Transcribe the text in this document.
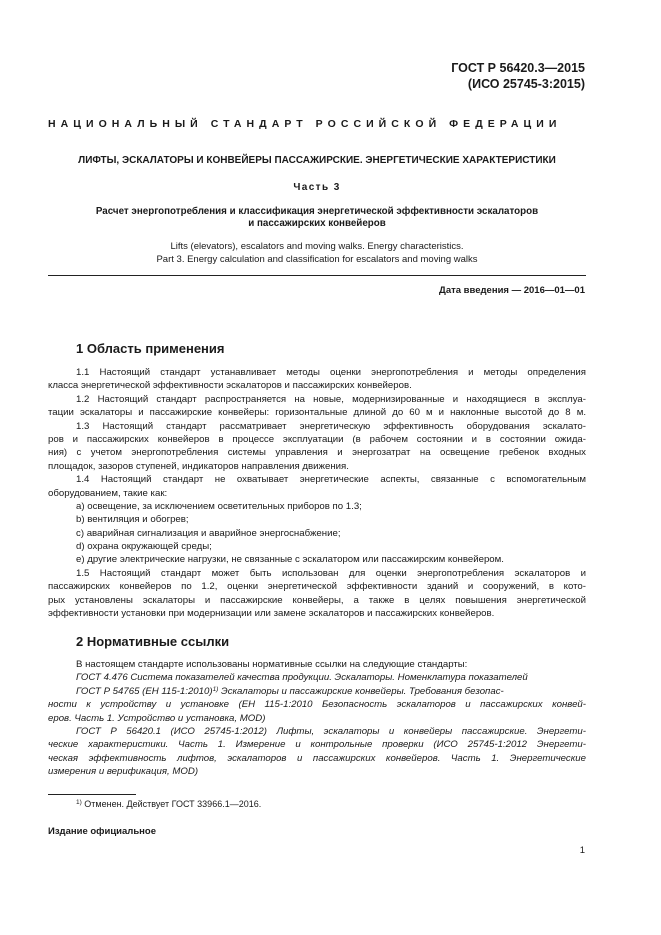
ГОСТ Р 56420.3—2015
(ИСО 25745-3:2015)
НАЦИОНАЛЬНЫЙ СТАНДАРТ РОССИЙСКОЙ ФЕДЕРАЦИИ
ЛИФТЫ, ЭСКАЛАТОРЫ И КОНВЕЙЕРЫ ПАССАЖИРСКИЕ. ЭНЕРГЕТИЧЕСКИЕ ХАРАКТЕРИСТИКИ
Часть 3
Расчет энергопотребления и классификация энергетической эффективности эскалаторов
и пассажирских конвейеров
Lifts (elevators), escalators and moving walks. Energy characteristics.
Part 3. Energy calculation and classification for escalators and moving walks
Дата введения — 2016—01—01
1 Область применения
1.1 Настоящий стандарт устанавливает методы оценки энергопотребления и методы определения
класса энергетической эффективности эскалаторов и пассажирских конвейеров.
1.2 Настоящий стандарт распространяется на новые, модернизированные и находящиеся в эксплуа-
тации эскалаторы и пассажирские конвейеры: горизонтальные длиной до 60 м и наклонные высотой до 8 м.
1.3 Настоящий стандарт рассматривает энергетическую эффективность оборудования эскалато-
ров и пассажирских конвейеров в процессе эксплуатации (в рабочем состоянии и в состоянии ожида-
ния) с учетом энергопотребления системы управления и энергозатрат на освещение гребенок входных
площадок, зазоров ступеней, индикаторов направления движения.
1.4 Настоящий стандарт не охватывает энергетические аспекты, связанные с вспомогательным
оборудованием, такие как:
a) освещение, за исключением осветительных приборов по 1.3;
b) вентиляция и обогрев;
c) аварийная сигнализация и аварийное энергоснабжение;
d) охрана окружающей среды;
e) другие электрические нагрузки, не связанные с эскалатором или пассажирским конвейером.
1.5 Настоящий стандарт может быть использован для оценки энергопотребления эскалаторов и
пассажирских конвейеров по 1.2, оценки энергетической эффективности зданий и сооружений, в кото-
рых установлены эскалаторы и пассажирские конвейеры, а также в целях повышения энергетической
эффективности установки при модернизации или замене эскалаторов и пассажирских конвейеров.
2 Нормативные ссылки
В настоящем стандарте использованы нормативные ссылки на следующие стандарты:
ГОСТ 4.476 Система показателей качества продукции. Эскалаторы. Номенклатура показателей
ГОСТ Р 54765 (ЕН 115-1:2010)$^{1)}$ Эскалаторы и пассажирские конвейеры. Требования безопас-
ности к устройству и установке (ЕН 115-1:2010 Безопасность эскалаторов и пассажирских конвей-
еров. Часть 1. Устройство и установка, MOD)
ГОСТ Р 56420.1 (ИСО 25745-1:2012) Лифты, эскалаторы и конвейеры пассажирские. Энергети-
ческие характеристики. Часть 1. Измерение и контрольные проверки (ИСО 25745-1:2012 Энергети-
ческая эффективность лифтов, эскалаторов и пассажирских конвейеров. Часть 1. Энергетические
измерения и верификация, MOD)
$^{1)}$ Отменен. Действует ГОСТ 33966.1—2016.
Издание официальное
1
